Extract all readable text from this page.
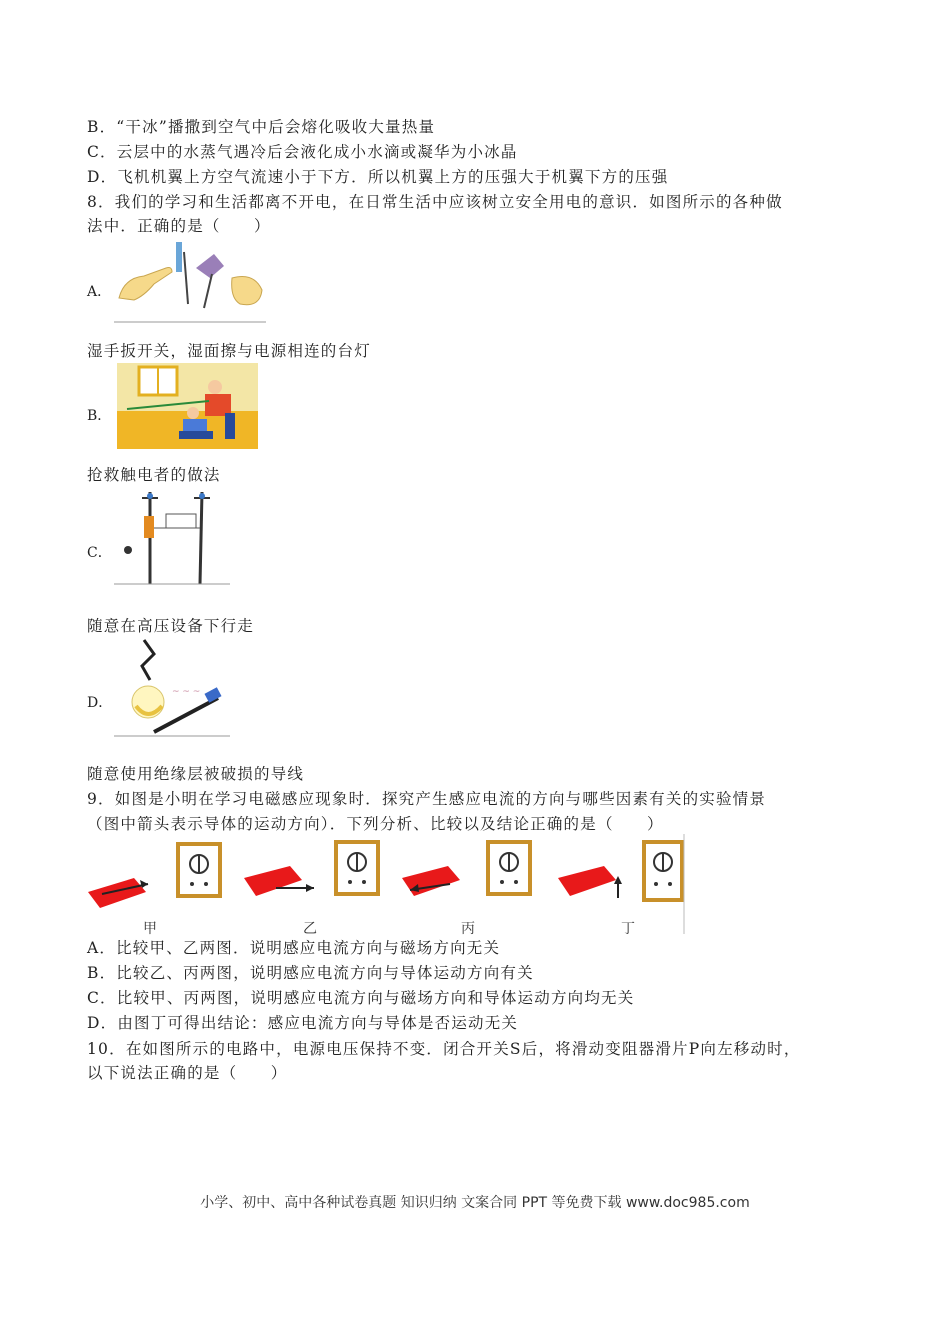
B．“干冰”播撒到空气中后会熔化吸收大量热量
C．云层中的水蒸气遇冷后会液化成小水滴或凝华为小冰晶
D．飞机机翼上方空气流速小于下方．所以机翼上方的压强大于机翼下方的压强
8．我们的学习和生活都离不开电，在日常生活中应该树立安全用电的意识．如图所示的各种做
法中．正确的是（　　）
A．
湿手扳开关，湿面擦与电源相连的台灯
B．
抢救触电者的做法
C．
随意在高压设备下行走
D．
~ ~ ~
随意使用绝缘层被破损的导线
9．如图是小明在学习电磁感应现象时．探究产生感应电流的方向与哪些因素有关的实验情景
（图中箭头表示导体的运动方向）．下列分析、比较以及结论正确的是（　　）
甲	乙	丙	丁
A．比较甲、乙两图．说明感应电流方向与磁场方向无关
B．比较乙、丙两图，说明感应电流方向与导体运动方向有关
C．比较甲、丙两图，说明感应电流方向与磁场方向和导体运动方向均无关
D．由图丁可得出结论：感应电流方向与导体是否运动无关
10．在如图所示的电路中，电源电压保持不变．闭合开关S后，将滑动变阻器滑片P向左移动时，
以下说法正确的是（　　）
小学、初中、高中各种试卷真题 知识归纳 文案合同 PPT 等免费下载 www.doc985.com
